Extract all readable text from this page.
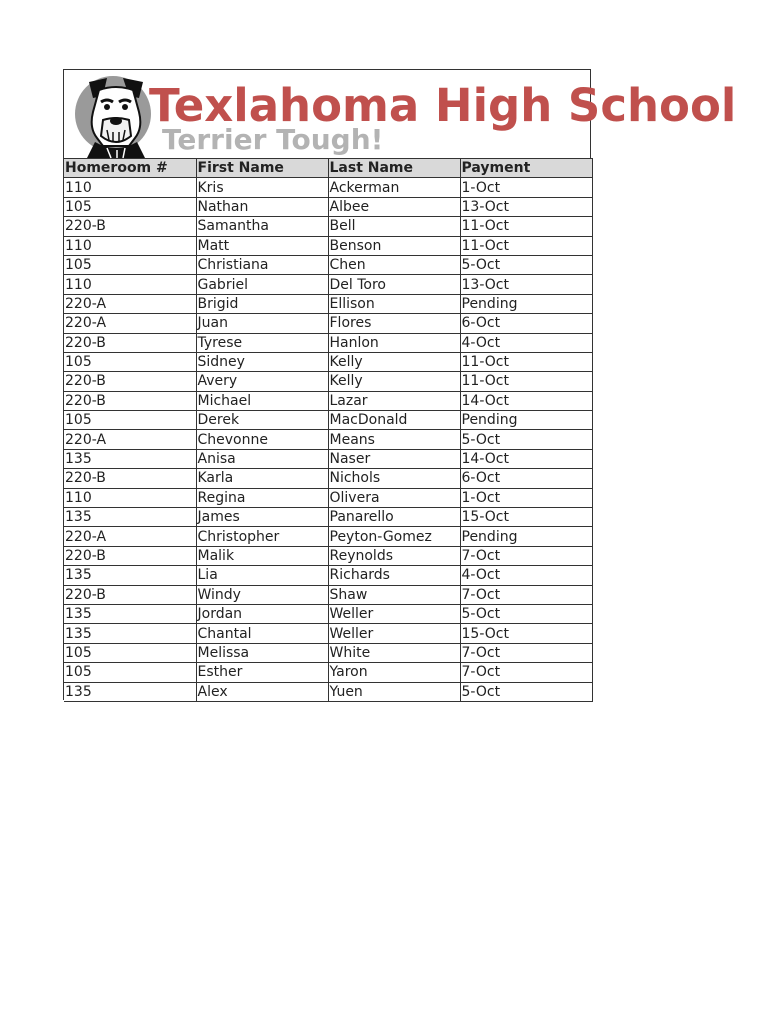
Texlahoma High School
Terrier Tough!
Homeroom #	First Name	Last Name	Payment
110	Kris	Ackerman	1-Oct
105	Nathan	Albee	13-Oct
220-B	Samantha	Bell	11-Oct
110	Matt	Benson	11-Oct
105	Christiana	Chen	5-Oct
110	Gabriel	Del Toro	13-Oct
220-A	Brigid	Ellison	Pending
220-A	Juan	Flores	6-Oct
220-B	Tyrese	Hanlon	4-Oct
105	Sidney	Kelly	11-Oct
220-B	Avery	Kelly	11-Oct
220-B	Michael	Lazar	14-Oct
105	Derek	MacDonald	Pending
220-A	Chevonne	Means	5-Oct
135	Anisa	Naser	14-Oct
220-B	Karla	Nichols	6-Oct
110	Regina	Olivera	1-Oct
135	James	Panarello	15-Oct
220-A	Christopher	Peyton-Gomez	Pending
220-B	Malik	Reynolds	7-Oct
135	Lia	Richards	4-Oct
220-B	Windy	Shaw	7-Oct
135	Jordan	Weller	5-Oct
135	Chantal	Weller	15-Oct
105	Melissa	White	7-Oct
105	Esther	Yaron	7-Oct
135	Alex	Yuen	5-Oct
